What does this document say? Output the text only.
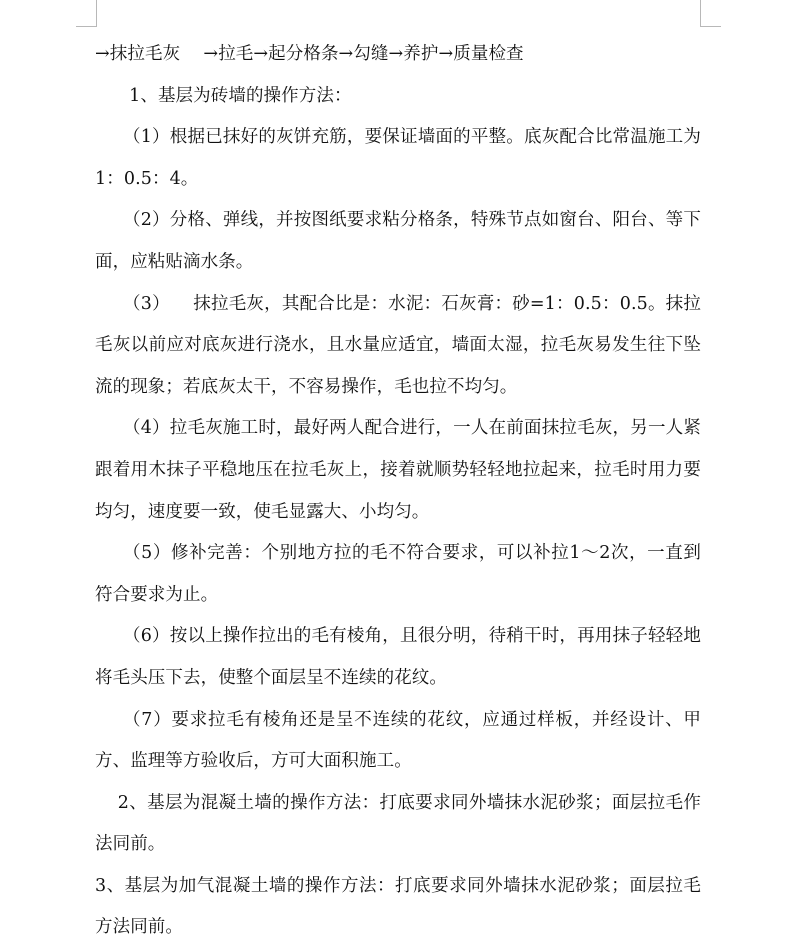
→抹拉毛灰 　→拉毛→起分格条→勾缝→养护→质量检查

1、基层为砖墙的操作方法：

（1）根据已抹好的灰饼充筋，要保证墙面的平整。底灰配合比常温施工为1：0.5：4。

（2）分格、弹线，并按图纸要求粘分格条，特殊节点如窗台、阳台、等下面，应粘贴滴水条。

（3） 　抹拉毛灰，其配合比是：水泥：石灰膏：砂=1：0.5：0.5。抹拉毛灰以前应对底灰进行浇水，且水量应适宜，墙面太湿，拉毛灰易发生往下坠流的现象；若底灰太干，不容易操作，毛也拉不均匀。

（4）拉毛灰施工时，最好两人配合进行，一人在前面抹拉毛灰，另一人紧跟着用木抹子平稳地压在拉毛灰上，接着就顺势轻轻地拉起来，拉毛时用力要均匀，速度要一致，使毛显露大、小均匀。

（5）修补完善：个别地方拉的毛不符合要求，可以补拉1～2次，一直到符合要求为止。

（6）按以上操作拉出的毛有棱角，且很分明，待稍干时，再用抹子轻轻地将毛头压下去，使整个面层呈不连续的花纹。

（7）要求拉毛有棱角还是呈不连续的花纹，应通过样板，并经设计、甲方、监理等方验收后，方可大面积施工。

2、基层为混凝土墙的操作方法：打底要求同外墙抹水泥砂浆；面层拉毛作法同前。

3、基层为加气混凝土墙的操作方法：打底要求同外墙抹水泥砂浆；面层拉毛方法同前。
